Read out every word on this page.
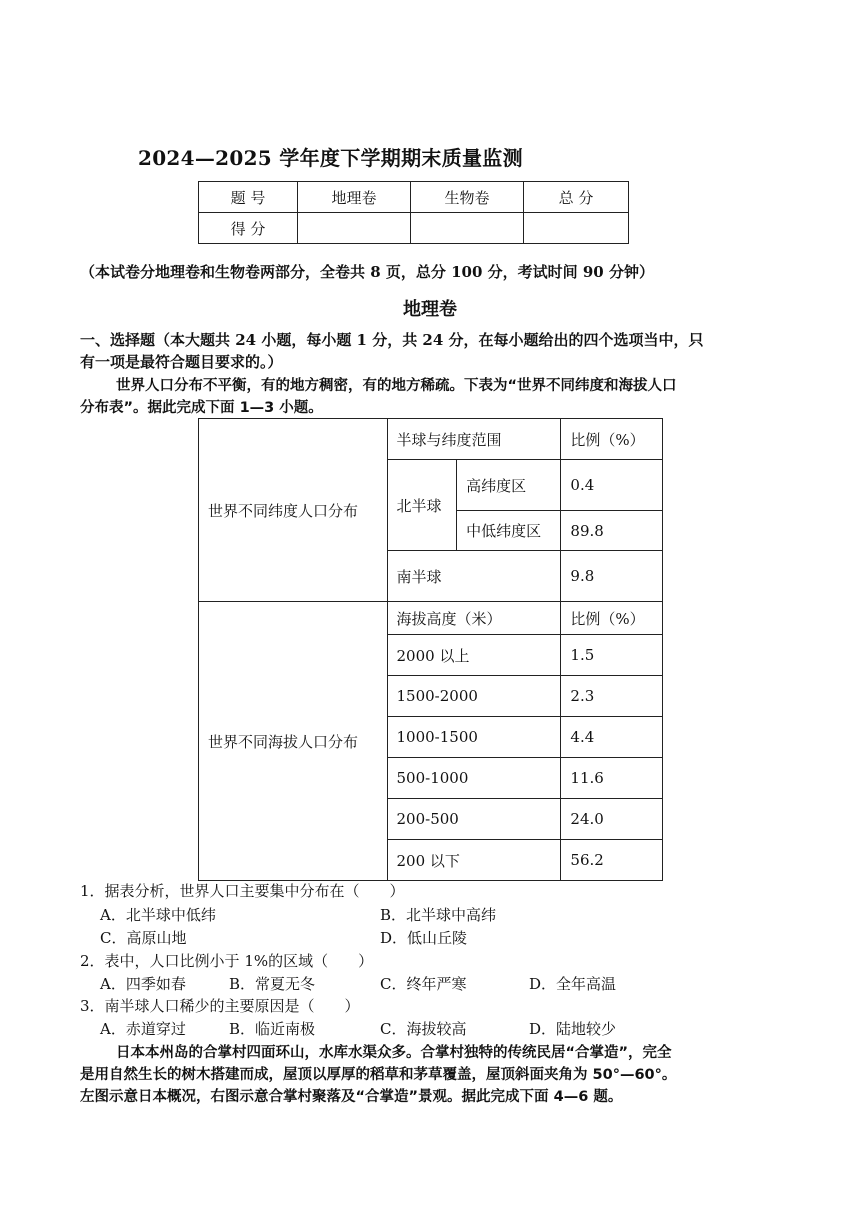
2024—2025 学年度下学期期末质量监测
题 号	地理卷	生物卷	总 分
得 分			
（本试卷分地理卷和生物卷两部分，全卷共 8 页，总分 100 分，考试时间 90 分钟）
地理卷
一、选择题（本大题共 24 小题，每小题 1 分，共 24 分，在每小题给出的四个选项当中，只
有一项是最符合题目要求的。）
世界人口分布不平衡，有的地方稠密，有的地方稀疏。下表为“世界不同纬度和海拔人口
分布表”。据此完成下面 1—3 小题。
世界不同纬度人口分布	半球与纬度范围		比例（%）
	北半球	高纬度区	0.4
		中低纬度区	89.8
	南半球		9.8
世界不同海拔人口分布	海拔高度（米）		比例（%）
	2000 以上		1.5
	1500-2000		2.3
	1000-1500		4.4
	500-1000		11.6
	200-500		24.0
	200 以下		56.2
1．据表分析，世界人口主要集中分布在（　　）
A．北半球中低纬	B．北半球中高纬
C．高原山地	D．低山丘陵
2．表中，人口比例小于 1%的区域（　　）
A．四季如春	B．常夏无冬	C．终年严寒	D．全年高温
3．南半球人口稀少的主要原因是（　　）
A．赤道穿过	B．临近南极	C．海拔较高	D．陆地较少
日本本州岛的合掌村四面环山，水库水渠众多。合掌村独特的传统民居“合掌造”，完全
是用自然生长的树木搭建而成，屋顶以厚厚的稻草和茅草覆盖，屋顶斜面夹角为 50°—60°。
左图示意日本概况，右图示意合掌村聚落及“合掌造”景观。据此完成下面 4—6 题。
